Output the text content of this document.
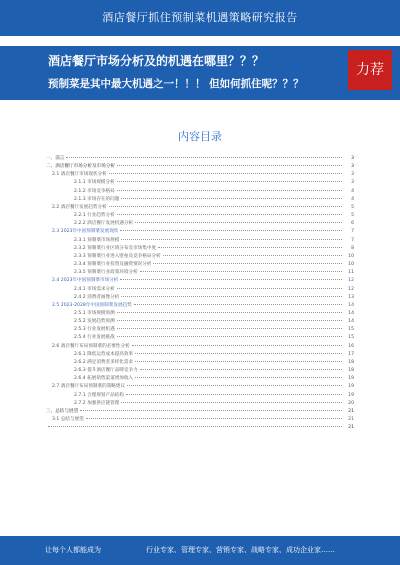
酒店餐厅抓住预制菜机遇策略研究报告
酒店餐厅市场分析及的机遇在哪里？？？
预制菜是其中最大机遇之一！！！ 但如何抓住呢？？？
力荐
内容目录
一、前言	3
二、酒店餐厅市场分析及市场分析	3
2.1 酒店餐厅市场现状分析	3
2.1.1 市场规模分析	3
2.1.2 市场竞争格局	4
2.1.3 市场存在的问题	4
2.2 酒店餐厅发展趋势分析	5
2.2.1 行业趋势分析	5
2.2.2 酒店餐厅发展机遇分析	6
2.3 2023年中国预制菜发展现状	7
2.3.1 预制菜市场规模	7
2.3.2 预制菜行业区域分布及市场集中度	8
2.3.3 预制菜行业进入壁垒及竞争格局分析	10
2.3.4 预制菜行业投资及融资情况分析	10
2.3.5 预制菜行业政策环境分析	11
2.4 2023年中国预制菜市场分析	12
2.4.1 市场需求分析	12
2.4.2 消费者画像分析	13
2.5 2023-2028年中国预制菜发展趋势	14
2.5.1 市场规模预测	14
2.5.2 发展趋势预测	14
2.5.3 行业发展机遇	15
2.5.4 行业发展挑战	15
2.6 酒店餐厅布局预制菜的必要性分析	16
2.6.1 降低运营成本提高效率	17
2.6.2 满足消费者多样化需求	18
2.6.3 提升酒店餐厅品牌竞争力	18
2.6.4 拓展销售渠道增加收入	19
2.7 酒店餐厅布局预制菜的策略建议	19
2.7.1 合理规划产品结构	19
2.7.2 加强供应链管理	20
三、总结与展望	21
3.1 总结与展望	21
21
让每个人都能成为	行业专家、管理专家、营销专家、战略专家、成功企业家……
